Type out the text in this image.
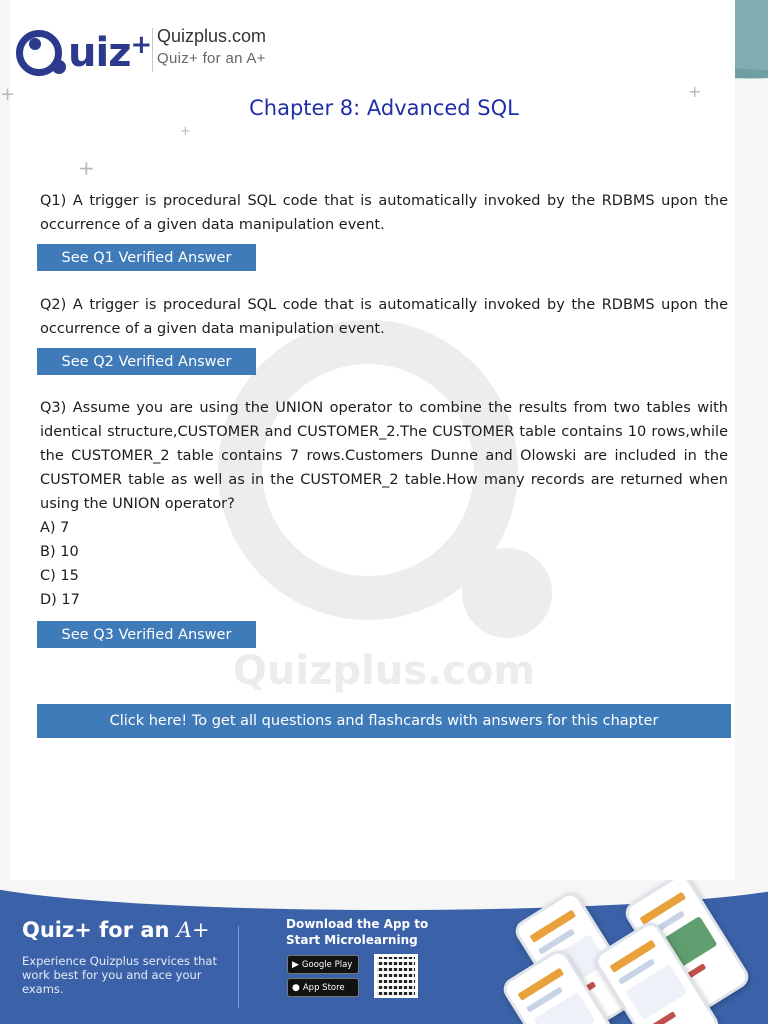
uiz+ Quizplus.com
Quiz+ for an A+
+
+
+
+
Quizplus.com
Chapter 8: Advanced SQL

Q1) A trigger is procedural SQL code that is automatically invoked by the RDBMS upon the occurrence of a given data manipulation event.

See Q1 Verified Answer

Q2) A trigger is procedural SQL code that is automatically invoked by the RDBMS upon the occurrence of a given data manipulation event.

See Q2 Verified Answer

Q3) Assume you are using the UNION operator to combine the results from two tables with identical structure,CUSTOMER and CUSTOMER_2.The CUSTOMER table contains 10 rows,while the CUSTOMER_2 table contains 7 rows.Customers Dunne and Olowski are included in the CUSTOMER table as well as in the CUSTOMER_2 table.How many records are returned when using the UNION operator?

A) 7
B) 10
C) 15
D) 17
See Q3 Verified Answer
Click here! To get all questions and flashcards with answers for this chapter
Quiz+ for an A+
Experience Quizplus services that work best for you and ace your exams.
Download the App to Start Microlearning
▶ Google Play
● App Store
